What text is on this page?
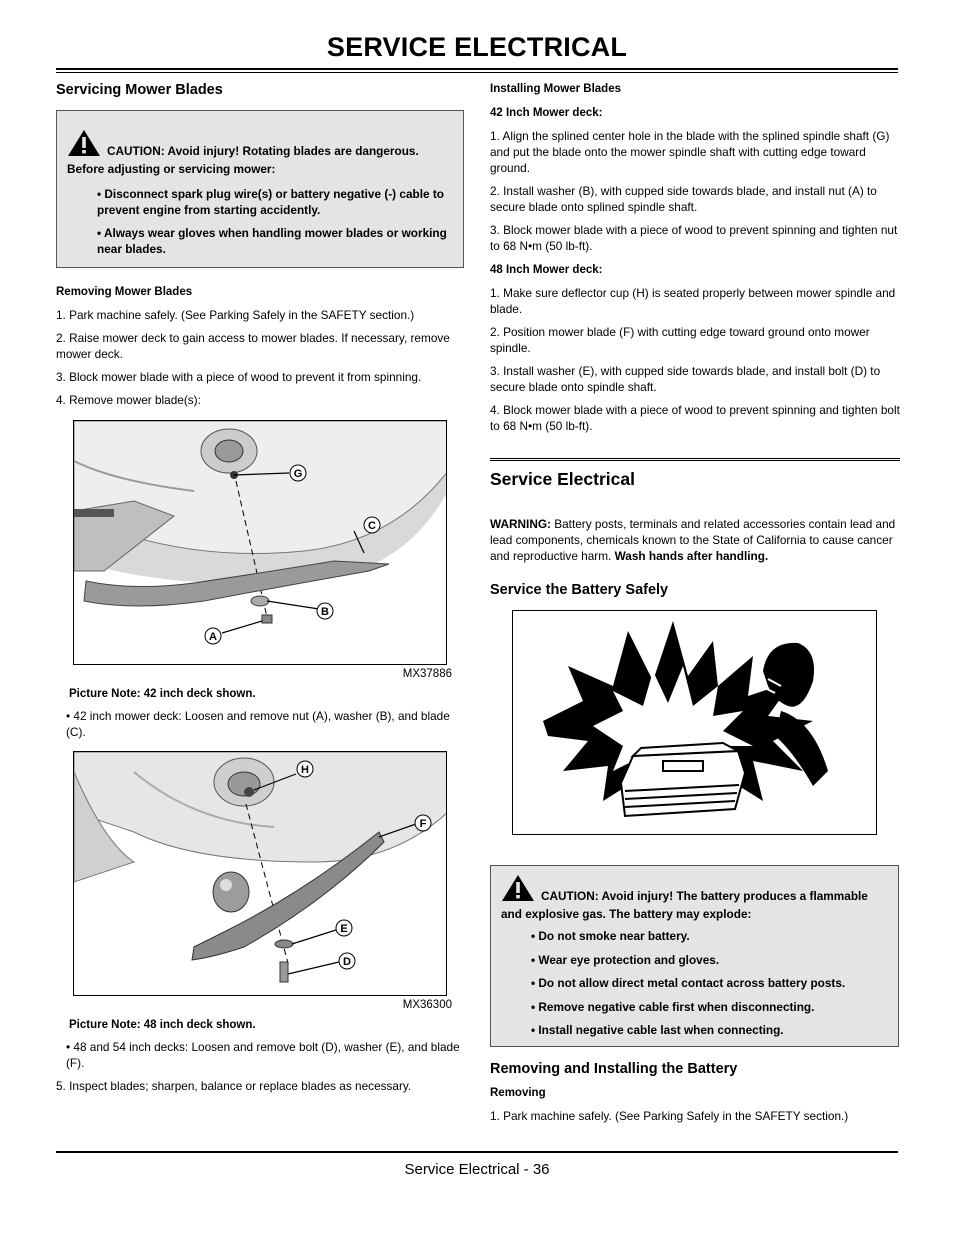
SERVICE ELECTRICAL
Servicing Mower Blades
CAUTION: Avoid injury! Rotating blades are dangerous. Before adjusting or servicing mower:
• Disconnect spark plug wire(s) or battery negative (-) cable to prevent engine from starting accidently.
• Always wear gloves when handling mower blades or working near blades.
Removing Mower Blades

1. Park machine safely. (See Parking Safely in the SAFETY section.)

2. Raise mower deck to gain access to mower blades. If necessary, remove mower deck.

3. Block mower blade with a piece of wood to prevent it from spinning.

4. Remove mower blade(s):

G
C
B
A
MX37886
Picture Note: 42 inch deck shown.

• 42 inch mower deck: Loosen and remove nut (A), washer (B), and blade (C).

H
F
E
D
MX36300
Picture Note: 48 inch deck shown.

• 48 and 54 inch decks: Loosen and remove bolt (D), washer (E), and blade (F).

5. Inspect blades; sharpen, balance or replace blades as necessary.

Installing Mower Blades
42 Inch Mower deck:

1. Align the splined center hole in the blade with the splined spindle shaft (G) and put the blade onto the mower spindle shaft with cutting edge toward ground.

2. Install washer (B), with cupped side towards blade, and install nut (A) to secure blade onto splined spindle shaft.

3. Block mower blade with a piece of wood to prevent spinning and tighten nut to 68 N•m (50 lb-ft).

48 Inch Mower deck:

1. Make sure deflector cup (H) is seated properly between mower spindle and blade.

2. Position mower blade (F) with cutting edge toward ground onto mower spindle.

3. Install washer (E), with cupped side towards blade, and install bolt (D) to secure blade onto spindle shaft.

4. Block mower blade with a piece of wood to prevent spinning and tighten bolt to 68 N•m (50 lb-ft).

Service Electrical

WARNING: Battery posts, terminals and related accessories contain lead and lead components, chemicals known to the State of California to cause cancer and reproductive harm. Wash hands after handling.

Service the Battery Safely
CAUTION: Avoid injury! The battery produces a flammable and explosive gas. The battery may explode:
• Do not smoke near battery.
• Wear eye protection and gloves.
• Do not allow direct metal contact across battery posts.
• Remove negative cable first when disconnecting.
• Install negative cable last when connecting.
Removing and Installing the Battery
Removing

1. Park machine safely. (See Parking Safely in the SAFETY section.)

Service Electrical - 36
